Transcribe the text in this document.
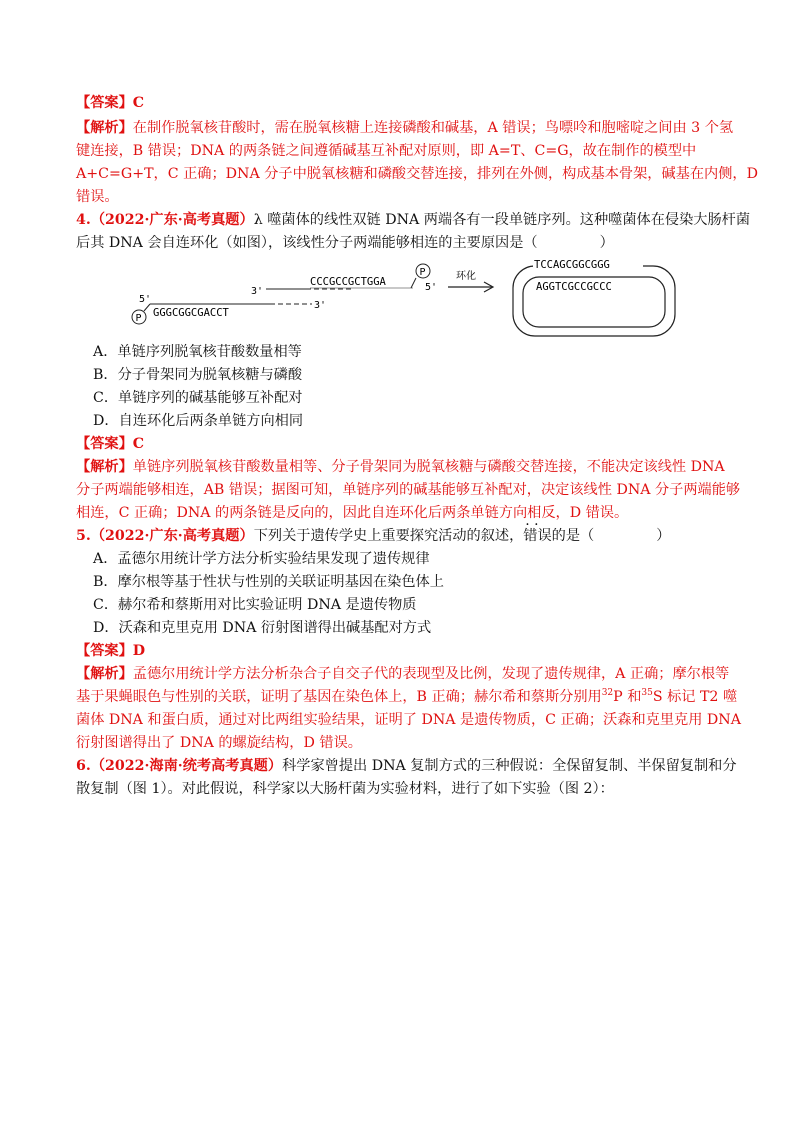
【答案】C
【解析】在制作脱氧核苷酸时，需在脱氧核糖上连接磷酸和碱基，A 错误；鸟嘌呤和胞嘧啶之间由 3 个氢
键连接，B 错误；DNA 的两条链之间遵循碱基互补配对原则，即 A=T、C=G，故在制作的模型中
A+C=G+T，C 正确；DNA 分子中脱氧核糖和磷酸交替连接，排列在外侧，构成基本骨架，碱基在内侧，D
错误。
4.（2022·广东·高考真题）λ 噬菌体的线性双链 DNA 两端各有一段单链序列。这种噬菌体在侵染大肠杆菌
后其 DNA 会自连环化（如图），该线性分子两端能够相连的主要原因是（	）
3'
CCCGCCGCTGGA
P
5'
5'
P GGGCGGCGACCT
3'
环化
TCCAGCGGCGGG
AGGTCGCCGCCC
A．单链序列脱氧核苷酸数量相等
B．分子骨架同为脱氧核糖与磷酸
C．单链序列的碱基能够互补配对
D．自连环化后两条单链方向相同
【答案】C
【解析】单链序列脱氧核苷酸数量相等、分子骨架同为脱氧核糖与磷酸交替连接，不能决定该线性 DNA
分子两端能够相连，AB 错误；据图可知，单链序列的碱基能够互补配对，决定该线性 DNA 分子两端能够
相连，C 正确；DNA 的两条链是反向的，因此自连环化后两条单链方向相反，D 错误。
5.（2022·广东·高考真题）下列关于遗传学史上重要探究活动的叙述，· · 错误的是（	）
A．孟德尔用统计学方法分析实验结果发现了遗传规律
B．摩尔根等基于性状与性别的关联证明基因在染色体上
C．赫尔希和蔡斯用对比实验证明 DNA 是遗传物质
D．沃森和克里克用 DNA 衍射图谱得出碱基配对方式
【答案】D
【解析】孟德尔用统计学方法分析杂合子自交子代的表现型及比例，发现了遗传规律，A 正确；摩尔根等
基于果蝇眼色与性别的关联，证明了基因在染色体上，B 正确；赫尔希和蔡斯分别用$^{32}$P 和$^{35}$S 标记 T2 噬
菌体 DNA 和蛋白质，通过对比两组实验结果，证明了 DNA 是遗传物质，C 正确；沃森和克里克用 DNA
衍射图谱得出了 DNA 的螺旋结构，D 错误。
6.（2022·海南·统考高考真题）科学家曾提出 DNA 复制方式的三种假说：全保留复制、半保留复制和分
散复制（图 1）。对此假说，科学家以大肠杆菌为实验材料，进行了如下实验（图 2）：
